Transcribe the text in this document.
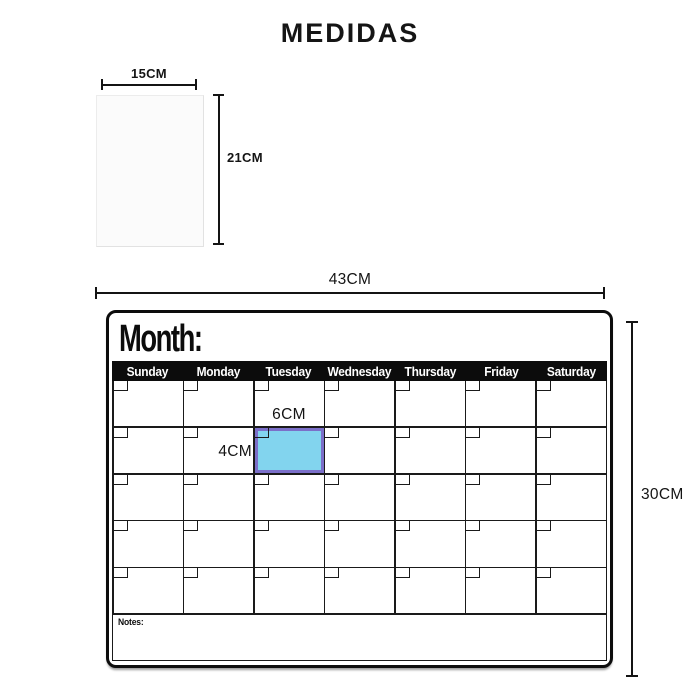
MEDIDAS
15CM
21CM
43CM
30CM
Month:
Sunday	Monday	Tuesday	Wednesday	Thursday	Friday	Saturday
Notes:
6CM
4CM
